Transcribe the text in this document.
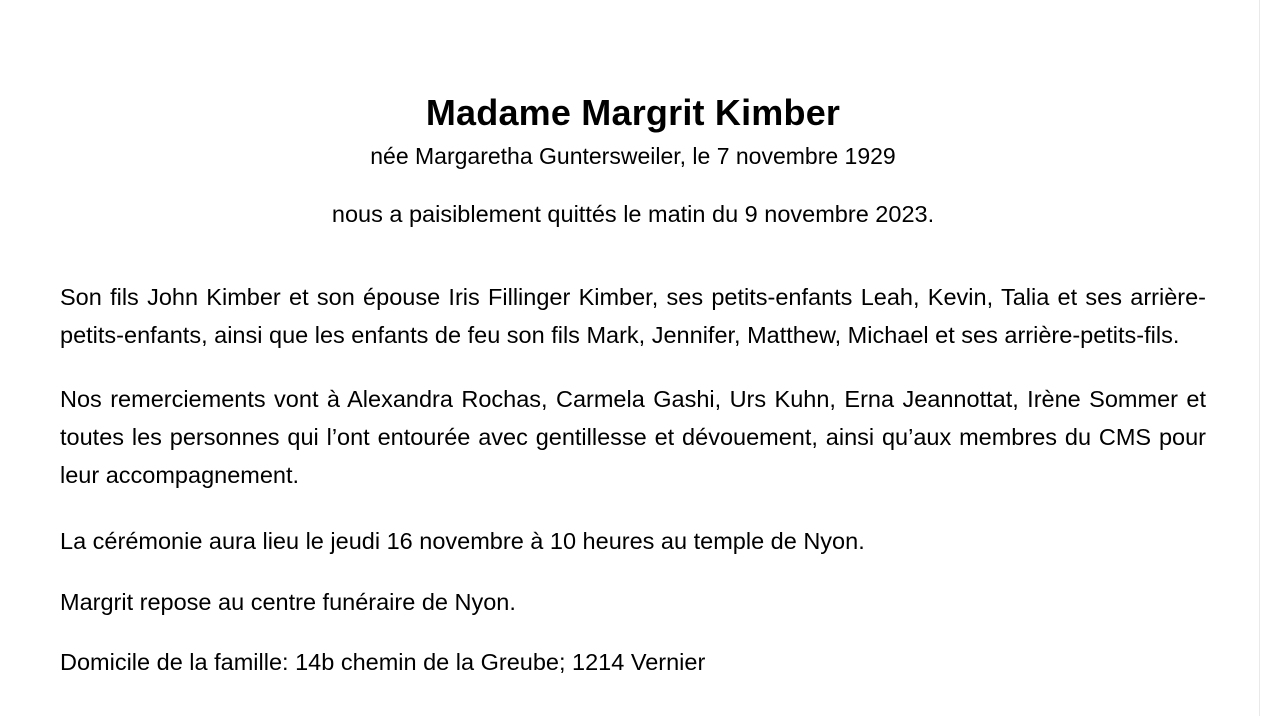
Madame Margrit Kimber
née Margaretha Guntersweiler, le 7 novembre 1929
nous a paisiblement quittés le matin du 9 novembre 2023.
Son fils John Kimber et son épouse Iris Fillinger Kimber, ses petits-enfants Leah, Kevin, Talia et ses arrière-petits-enfants, ainsi que les enfants de feu son fils Mark, Jennifer, Matthew, Michael et ses arrière-petits-fils.
Nos remerciements vont à Alexandra Rochas, Carmela Gashi, Urs Kuhn, Erna Jeannottat, Irène Sommer et toutes les personnes qui l’ont entourée avec gentillesse et dévouement, ainsi qu’aux membres du CMS pour leur accompagnement.
La cérémonie aura lieu le jeudi 16 novembre à 10 heures au temple de Nyon.
Margrit repose au centre funéraire de Nyon.
Domicile de la famille: 14b chemin de la Greube; 1214 Vernier
